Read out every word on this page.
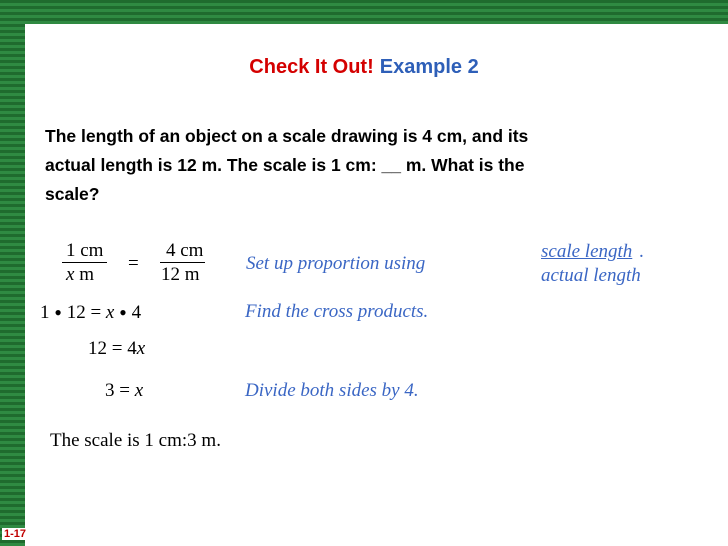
Check It Out! Example 2
The length of an object on a scale drawing is 4 cm, and its
actual length is 12 m. The scale is 1 cm: __ m. What is the
scale?
1 cm
x m
=
4 cm
12 m
Set up proportion using
scale length .
actual length
1 • 12 = x • 4	Find the cross products.
12 = 4x
3 = x	Divide both sides by 4.
The scale is 1 cm:3 m.
1-17
